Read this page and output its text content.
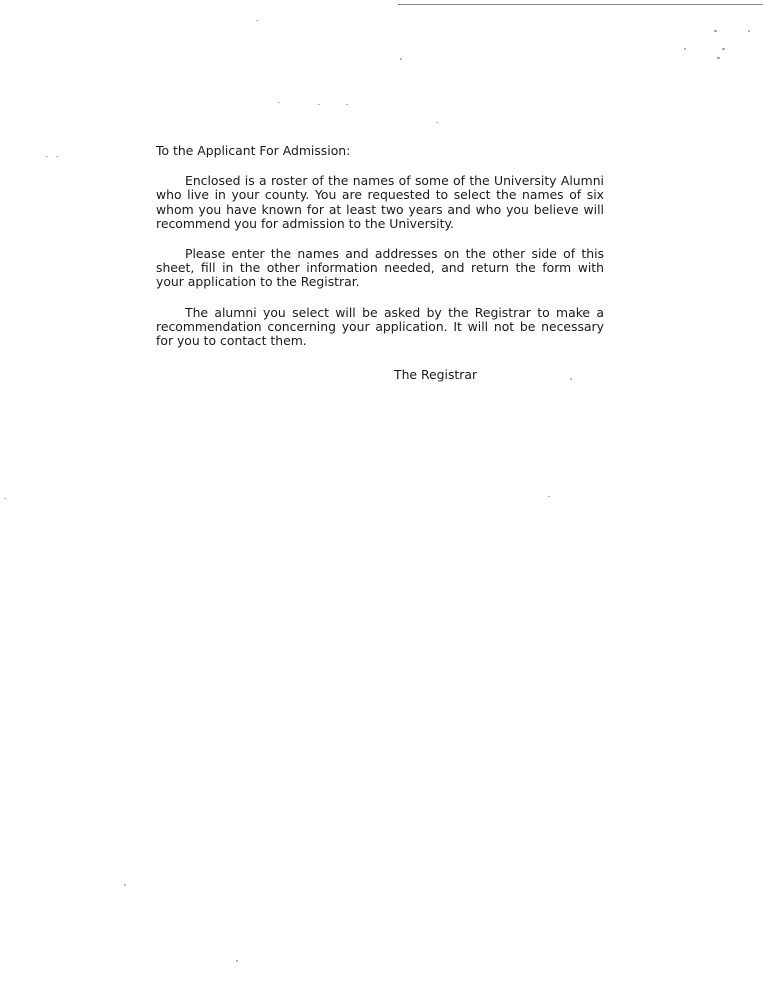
To the Applicant For Admission:

Enclosed is a roster of the names of some of the University Alumni who live in your county. You are requested to select the names of six whom you have known for at least two years and who you believe will recommend you for admission to the University.

Please enter the names and addresses on the other side of this sheet, fill in the other information needed, and return the form with your application to the Registrar.

The alumni you select will be asked by the Registrar to make a recommendation concerning your application. It will not be necessary for you to contact them.

The Registrar
